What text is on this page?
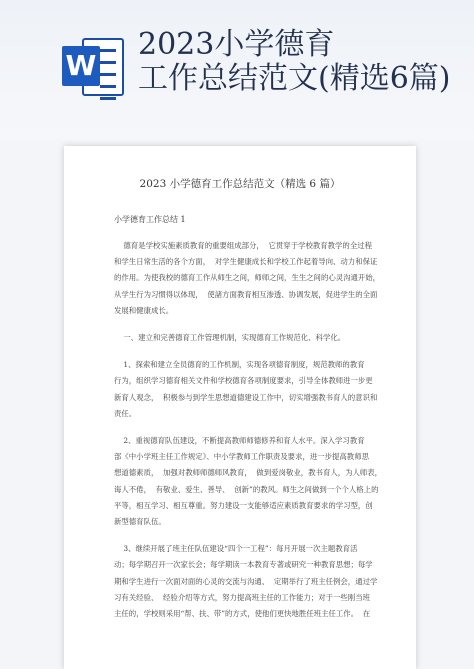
W
2023小学德育
工作总结范文(精选6篇)
2023 小学德育工作总结范文（精选 6 篇）
小学德育工作总结 1

德育是学校实施素质教育的重要组成部分，  它贯穿于学校教育教学的全过程
和学生日常生活的各个方面，  对学生健康成长和学校工作起着导向、动力和保证
的作用。为使我校的德育工作从师生之间，师师之间，生生之间的心灵沟通开始，
从学生行为习惯得以体现，  使諸方面教育相互渗透、协调发展，促进学生的全面
发展和健康成长。

一、建立和完善德育工作管理机制，实现德育工作规范化、科学化。

1、探索和建立全员德育的工作机制，实现各项德育制度，规范教师的教育
行为，组织学习德育相关文件和学校德育各项制度要求，引导全体教师进一步更
新育人观念，  积极参与到学生思想道德建设工作中，切实增强教书育人的意识和
责任。

2、重视德育队伍建设，不断提高教师师德修养和育人水平。深入学习教育
部《中小学班主任工作规定》、中小学教师工作职责及要求，进一步提高教师思
想道德素质，  加强对教师师德师风教育，  做到爱岗敬业，教书育人，为人师表，
诲人不倦，  有敬业、爱生、善导、  创新”的教风。师生之间做到一个个人格上的
平等，相互学习、相互尊重。努力建设一支能够适应素质教育要求的学习型，创
新型德育队伍。

3、继续开展了班主任队伍建设“四个一工程”：每月开展一次主题教育活
动；每学期召开一次家长会；每学期读一本教育专著或研究一种教育思想；每学
期和学生进行一次面对面的心灵的交流与沟通、  定期举行了班主任例会，通过学
习有关经验、  经验介绍等方式，努力提高班主任的工作能力；对于一些刚当班
主任的，学校则采用“帮、扶、带”的方式，使他们更快地胜任班主任工作。  在
